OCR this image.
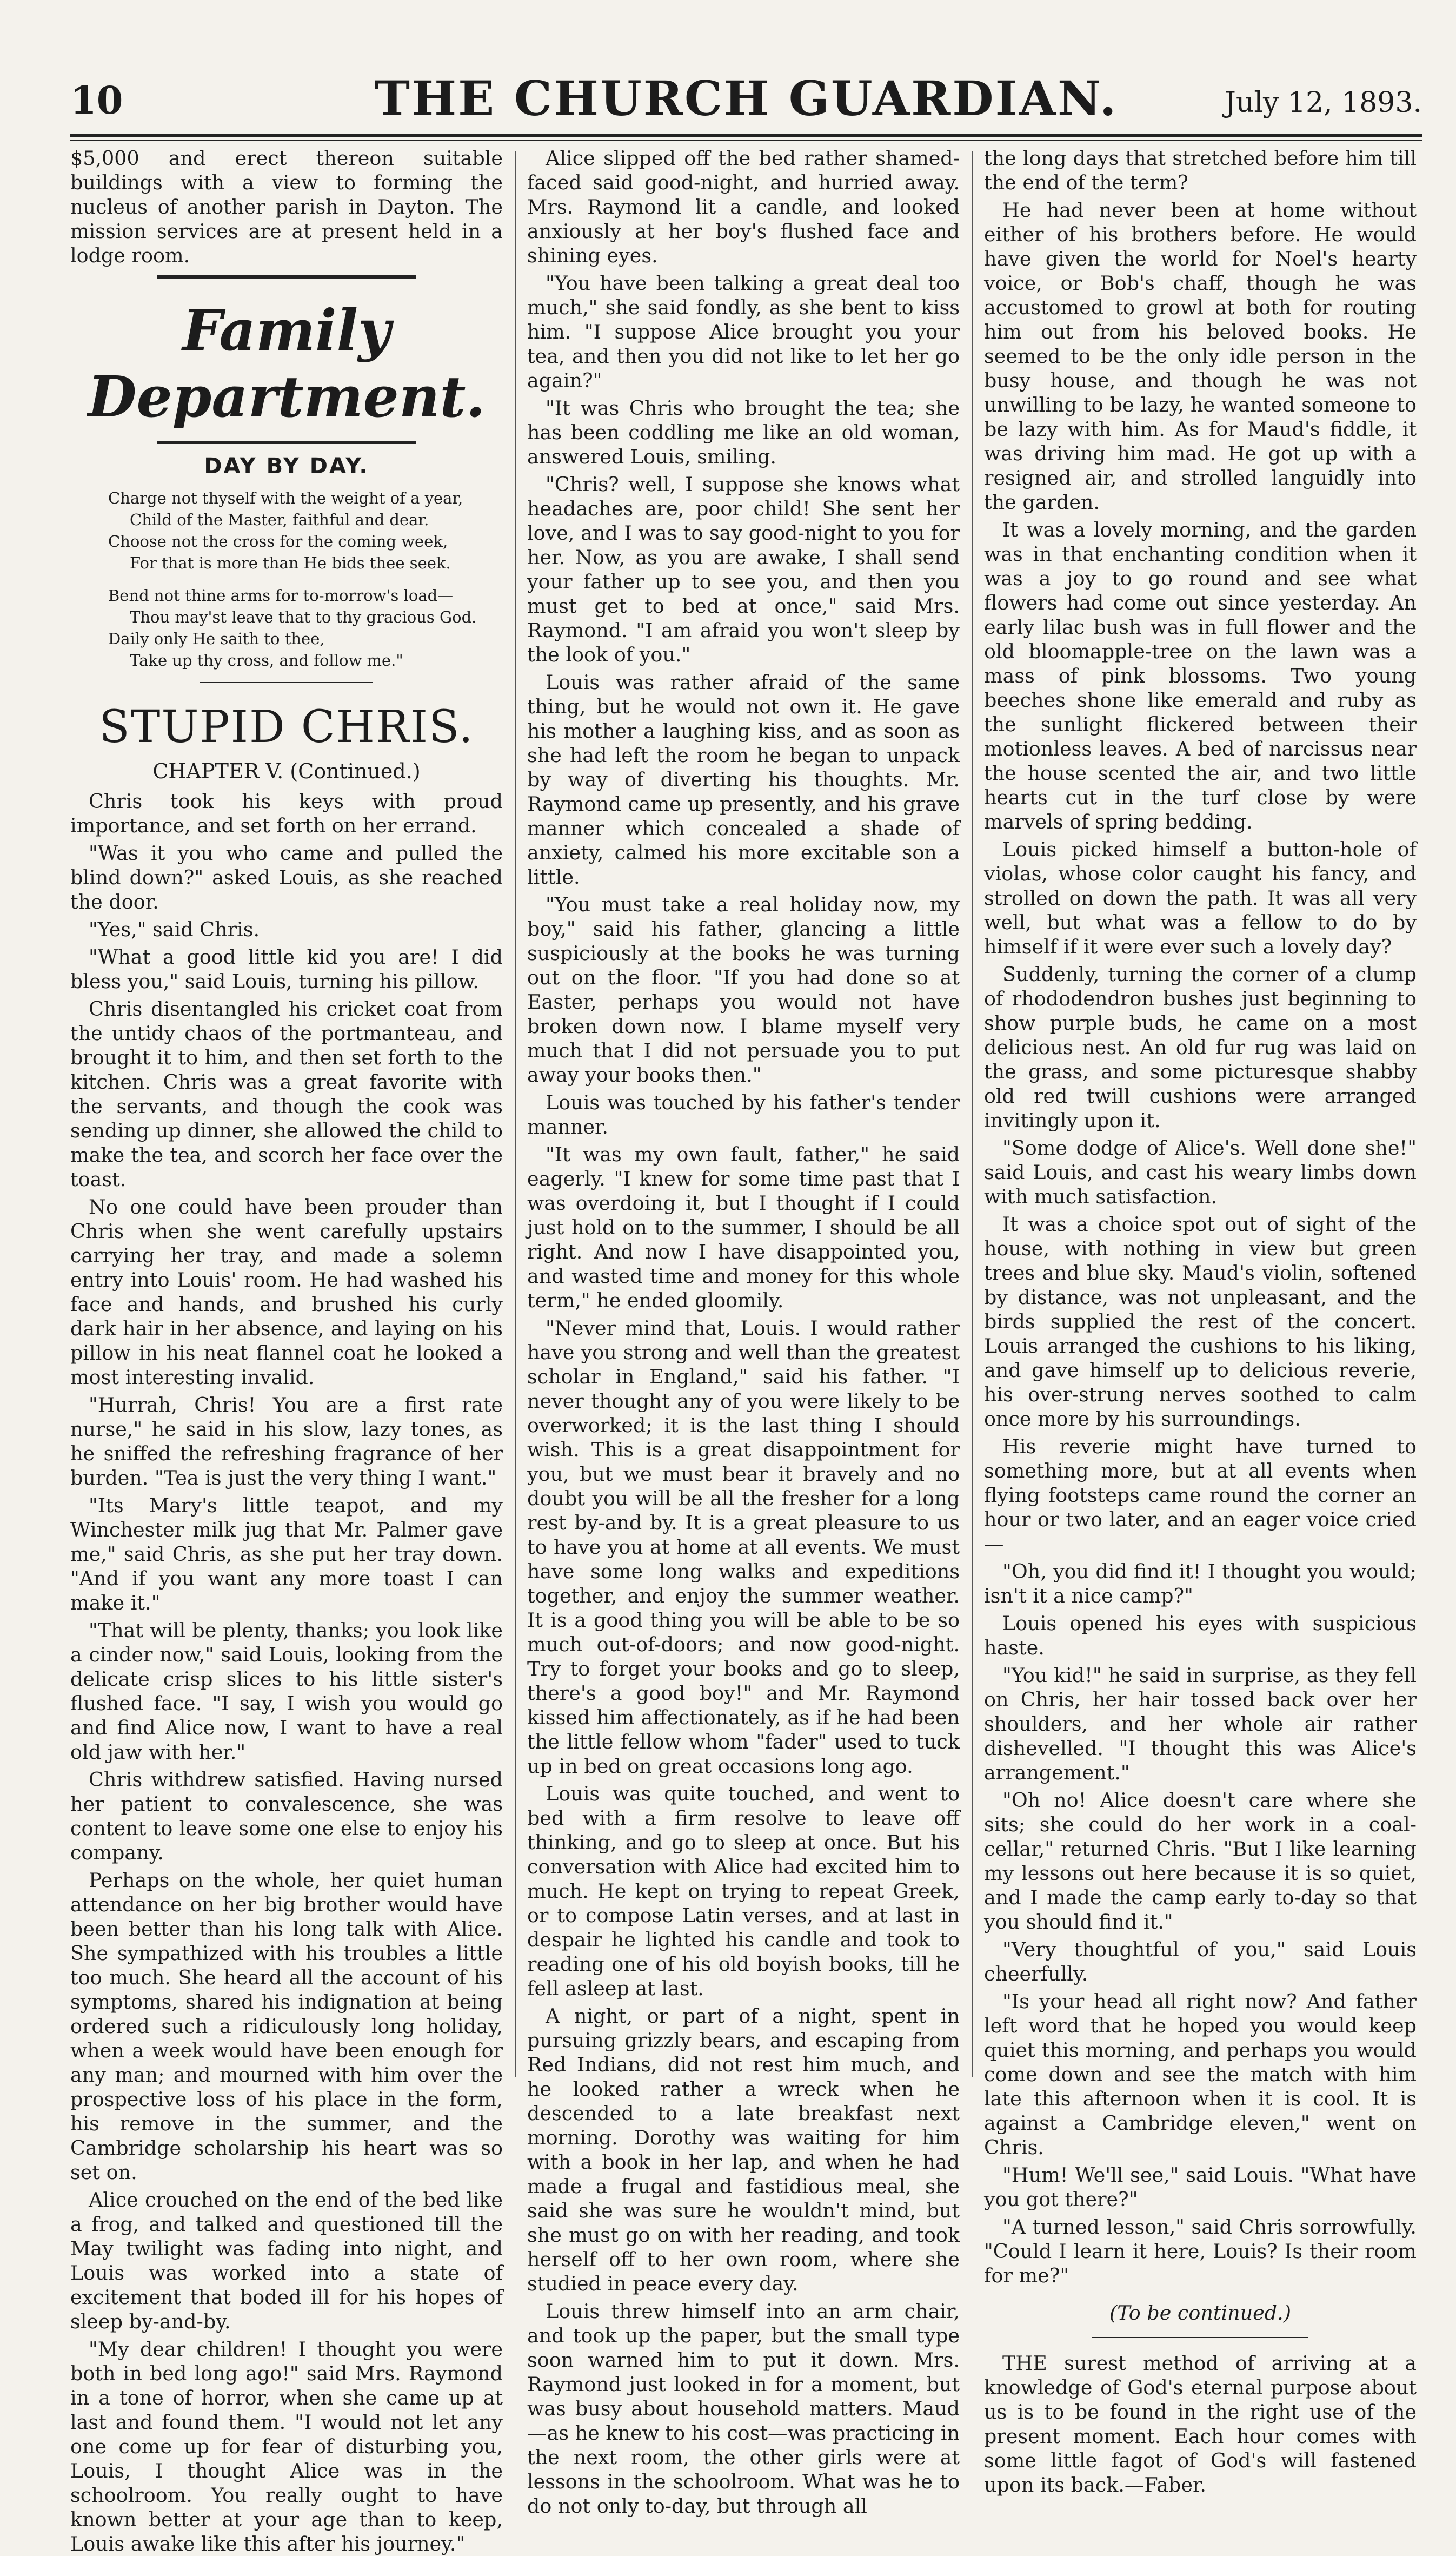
10	THE CHURCH GUARDIAN.	July 12, 1893.

$5,000 and erect thereon suitable buildings with a view to forming the nucleus of another parish in Dayton. The mission services are at present held in a lodge room.

Family Department.
DAY BY DAY.

Charge not thyself with the weight of a year,

Child of the Master, faithful and dear.

Choose not the cross for the coming week,

For that is more than He bids thee seek.

Bend not thine arms for to-morrow's load—

Thou may'st leave that to thy gracious God.

Daily only He saith to thee,

Take up thy cross, and follow me."

STUPID CHRIS.

CHAPTER V. (Continued.)

Chris took his keys with proud importance, and set forth on her errand.

"Was it you who came and pulled the blind down?" asked Louis, as she reached the door.

"Yes," said Chris.

"What a good little kid you are! I did bless you," said Louis, turning his pillow.

Chris disentangled his cricket coat from the untidy chaos of the portmanteau, and brought it to him, and then set forth to the kitchen. Chris was a great favorite with the servants, and though the cook was sending up dinner, she allowed the child to make the tea, and scorch her face over the toast.

No one could have been prouder than Chris when she went carefully upstairs carrying her tray, and made a solemn entry into Louis' room. He had washed his face and hands, and brushed his curly dark hair in her absence, and laying on his pillow in his neat flannel coat he looked a most interesting invalid.

"Hurrah, Chris! You are a first rate nurse," he said in his slow, lazy tones, as he sniffed the refreshing fragrance of her burden. "Tea is just the very thing I want."

"Its Mary's little teapot, and my Winchester milk jug that Mr. Palmer gave me," said Chris, as she put her tray down. "And if you want any more toast I can make it."

"That will be plenty, thanks; you look like a cinder now," said Louis, looking from the delicate crisp slices to his little sister's flushed face. "I say, I wish you would go and find Alice now, I want to have a real old jaw with her."

Chris withdrew satisfied. Having nursed her patient to convalescence, she was content to leave some one else to enjoy his company.

Perhaps on the whole, her quiet human attendance on her big brother would have been better than his long talk with Alice. She sympathized with his troubles a little too much. She heard all the account of his symptoms, shared his indignation at being ordered such a ridiculously long holiday, when a week would have been enough for any man; and mourned with him over the prospective loss of his place in the form, his remove in the summer, and the Cambridge scholarship his heart was so set on.

Alice crouched on the end of the bed like a frog, and talked and questioned till the May twilight was fading into night, and Louis was worked into a state of excitement that boded ill for his hopes of sleep by-and-by.

"My dear children! I thought you were both in bed long ago!" said Mrs. Raymond in a tone of horror, when she came up at last and found them. "I would not let any one come up for fear of disturbing you, Louis, I thought Alice was in the schoolroom. You really ought to have known better at your age than to keep, Louis awake like this after his journey."

Alice slipped off the bed rather shamed-faced said good-night, and hurried away. Mrs. Raymond lit a candle, and looked anxiously at her boy's flushed face and shining eyes.

"You have been talking a great deal too much," she said fondly, as she bent to kiss him. "I suppose Alice brought you your tea, and then you did not like to let her go again?"

"It was Chris who brought the tea; she has been coddling me like an old woman, answered Louis, smiling.

"Chris? well, I suppose she knows what headaches are, poor child! She sent her love, and I was to say good-night to you for her. Now, as you are awake, I shall send your father up to see you, and then you must get to bed at once," said Mrs. Raymond. "I am afraid you won't sleep by the look of you."

Louis was rather afraid of the same thing, but he would not own it. He gave his mother a laughing kiss, and as soon as she had left the room he began to unpack by way of diverting his thoughts. Mr. Raymond came up presently, and his grave manner which concealed a shade of anxiety, calmed his more excitable son a little.

"You must take a real holiday now, my boy," said his father, glancing a little suspiciously at the books he was turning out on the floor. "If you had done so at Easter, perhaps you would not have broken down now. I blame myself very much that I did not persuade you to put away your books then."

Louis was touched by his father's tender manner.

"It was my own fault, father," he said eagerly. "I knew for some time past that I was overdoing it, but I thought if I could just hold on to the summer, I should be all right. And now I have disappointed you, and wasted time and money for this whole term," he ended gloomily.

"Never mind that, Louis. I would rather have you strong and well than the greatest scholar in England," said his father. "I never thought any of you were likely to be overworked; it is the last thing I should wish. This is a great disappointment for you, but we must bear it bravely and no doubt you will be all the fresher for a long rest by-and by. It is a great pleasure to us to have you at home at all events. We must have some long walks and expeditions together, and enjoy the summer weather. It is a good thing you will be able to be so much out-of-doors; and now good-night. Try to forget your books and go to sleep, there's a good boy!" and Mr. Raymond kissed him affectionately, as if he had been the little fellow whom "fader" used to tuck up in bed on great occasions long ago.

Louis was quite touched, and went to bed with a firm resolve to leave off thinking, and go to sleep at once. But his conversation with Alice had excited him to much. He kept on trying to repeat Greek, or to compose Latin verses, and at last in despair he lighted his candle and took to reading one of his old boyish books, till he fell asleep at last.

A night, or part of a night, spent in pursuing grizzly bears, and escaping from Red Indians, did not rest him much, and he looked rather a wreck when he descended to a late breakfast next morning. Dorothy was waiting for him with a book in her lap, and when he had made a frugal and fastidious meal, she said she was sure he wouldn't mind, but she must go on with her reading, and took herself off to her own room, where she studied in peace every day.

Louis threw himself into an arm chair, and took up the paper, but the small type soon warned him to put it down. Mrs. Raymond just looked in for a moment, but was busy about household matters. Maud—as he knew to his cost—was practicing in the next room, the other girls were at lessons in the schoolroom. What was he to do not only to-day, but through all

the long days that stretched before him till the end of the term?

He had never been at home without either of his brothers before. He would have given the world for Noel's hearty voice, or Bob's chaff, though he was accustomed to growl at both for routing him out from his beloved books. He seemed to be the only idle person in the busy house, and though he was not unwilling to be lazy, he wanted someone to be lazy with him. As for Maud's fiddle, it was driving him mad. He got up with a resigned air, and strolled languidly into the garden.

It was a lovely morning, and the garden was in that enchanting condition when it was a joy to go round and see what flowers had come out since yesterday. An early lilac bush was in full flower and the old bloomapple-tree on the lawn was a mass of pink blossoms. Two young beeches shone like emerald and ruby as the sunlight flickered between their motionless leaves. A bed of narcissus near the house scented the air, and two little hearts cut in the turf close by were marvels of spring bedding.

Louis picked himself a button-hole of violas, whose color caught his fancy, and strolled on down the path. It was all very well, but what was a fellow to do by himself if it were ever such a lovely day?

Suddenly, turning the corner of a clump of rhododendron bushes just beginning to show purple buds, he came on a most delicious nest. An old fur rug was laid on the grass, and some picturesque shabby old red twill cushions were arranged invitingly upon it.

"Some dodge of Alice's. Well done she!" said Louis, and cast his weary limbs down with much satisfaction.

It was a choice spot out of sight of the house, with nothing in view but green trees and blue sky. Maud's violin, softened by distance, was not unpleasant, and the birds supplied the rest of the concert. Louis arranged the cushions to his liking, and gave himself up to delicious reverie, his over-strung nerves soothed to calm once more by his surroundings.

His reverie might have turned to something more, but at all events when flying footsteps came round the corner an hour or two later, and an eager voice cried—

"Oh, you did find it! I thought you would; isn't it a nice camp?"

Louis opened his eyes with suspicious haste.

"You kid!" he said in surprise, as they fell on Chris, her hair tossed back over her shoulders, and her whole air rather dishevelled. "I thought this was Alice's arrangement."

"Oh no! Alice doesn't care where she sits; she could do her work in a coal-cellar," returned Chris. "But I like learning my lessons out here because it is so quiet, and I made the camp early to-day so that you should find it."

"Very thoughtful of you," said Louis cheerfully.

"Is your head all right now? And father left word that he hoped you would keep quiet this morning, and perhaps you would come down and see the match with him late this afternoon when it is cool. It is against a Cambridge eleven," went on Chris.

"Hum! We'll see," said Louis. "What have you got there?"

"A turned lesson," said Chris sorrowfully. "Could I learn it here, Louis? Is their room for me?"

(To be continued.)

THE surest method of arriving at a knowledge of God's eternal purpose about us is to be found in the right use of the present moment. Each hour comes with some little fagot of God's will fastened upon its back.—Faber.
